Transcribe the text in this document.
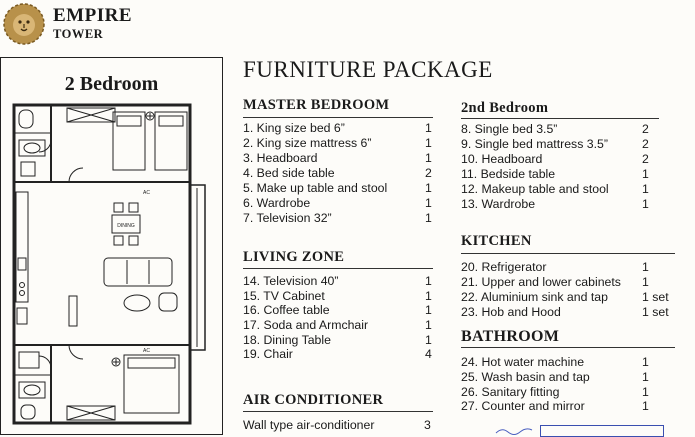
EMPIRE
TOWER
2 Bedroom
DINING
AC
AC
FURNITURE PACKAGE
MASTER BEDROOM
1. King size bed 6”	1
2. King size mattress 6”	1
3. Headboard	1
4. Bed side table	2
5. Make up table and stool	1
6. Wardrobe	1
7. Television 32”	1
LIVING ZONE
14. Television 40”	1
15. TV Cabinet	1
16. Coffee table	1
17. Soda and Armchair	1
18. Dining Table	1
19. Chair	4
AIR CONDITIONER
Wall type air-conditioner	3
2nd Bedroom
8. Single bed 3.5”	2
9. Single bed mattress 3.5”	2
10. Headboard	2
11. Bedside table	1
12. Makeup table and stool	1
13. Wardrobe	1
KITCHEN
20. Refrigerator	1
21. Upper and lower cabinets 1
22. Aluminium sink and tap	1 set
23. Hob and Hood	1 set
BATHROOM
24. Hot water machine	1
25. Wash basin and tap	1
26. Sanitary fitting	1
27. Counter and mirror	1
